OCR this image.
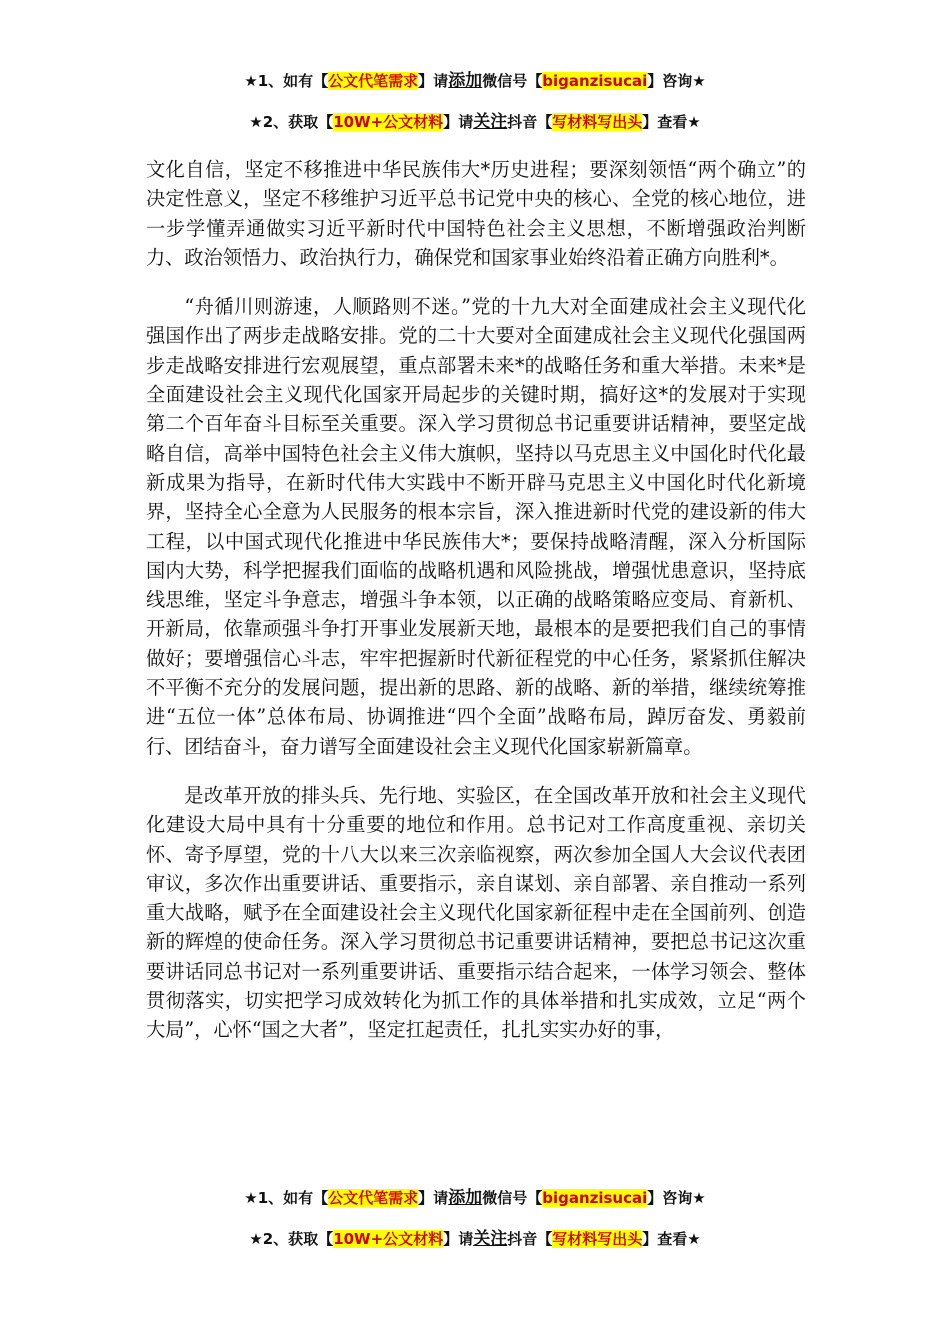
★1、如有【公文代笔需求】请添加微信号【biganzisucai】咨询★
★2、获取【10W+公文材料】请关注抖音【写材料写出头】查看★

文化自信，坚定不移推进中华民族伟大*历史进程；要深刻领悟“两个确立”的决定性意义，坚定不移维护习近平总书记党中央的核心、全党的核心地位，进一步学懂弄通做实习近平新时代中国特色社会主义思想，不断增强政治判断力、政治领悟力、政治执行力，确保党和国家事业始终沿着正确方向胜利*。

“舟循川则游速，人顺路则不迷。”党的十九大对全面建成社会主义现代化强国作出了两步走战略安排。党的二十大要对全面建成社会主义现代化强国两步走战略安排进行宏观展望，重点部署未来*的战略任务和重大举措。未来*是全面建设社会主义现代化国家开局起步的关键时期，搞好这*的发展对于实现第二个百年奋斗目标至关重要。深入学习贯彻总书记重要讲话精神，要坚定战略自信，高举中国特色社会主义伟大旗帜，坚持以马克思主义中国化时代化最新成果为指导，在新时代伟大实践中不断开辟马克思主义中国化时代化新境界，坚持全心全意为人民服务的根本宗旨，深入推进新时代党的建设新的伟大工程，以中国式现代化推进中华民族伟大*；要保持战略清醒，深入分析国际国内大势，科学把握我们面临的战略机遇和风险挑战，增强忧患意识，坚持底线思维，坚定斗争意志，增强斗争本领，以正确的战略策略应变局、育新机、开新局，依靠顽强斗争打开事业发展新天地，最根本的是要把我们自己的事情做好；要增强信心斗志，牢牢把握新时代新征程党的中心任务，紧紧抓住解决不平衡不充分的发展问题，提出新的思路、新的战略、新的举措，继续统筹推进“五位一体”总体布局、协调推进“四个全面”战略布局，踔厉奋发、勇毅前行、团结奋斗，奋力谱写全面建设社会主义现代化国家崭新篇章。

是改革开放的排头兵、先行地、实验区，在全国改革开放和社会主义现代化建设大局中具有十分重要的地位和作用。总书记对工作高度重视、亲切关怀、寄予厚望，党的十八大以来三次亲临视察，两次参加全国人大会议代表团审议，多次作出重要讲话、重要指示，亲自谋划、亲自部署、亲自推动一系列重大战略，赋予在全面建设社会主义现代化国家新征程中走在全国前列、创造新的辉煌的使命任务。深入学习贯彻总书记重要讲话精神，要把总书记这次重要讲话同总书记对一系列重要讲话、重要指示结合起来，一体学习领会、整体贯彻落实，切实把学习成效转化为抓工作的具体举措和扎实成效，立足“两个大局”，心怀“国之大者”，坚定扛起责任，扎扎实实办好的事，

★1、如有【公文代笔需求】请添加微信号【biganzisucai】咨询★
★2、获取【10W+公文材料】请关注抖音【写材料写出头】查看★
